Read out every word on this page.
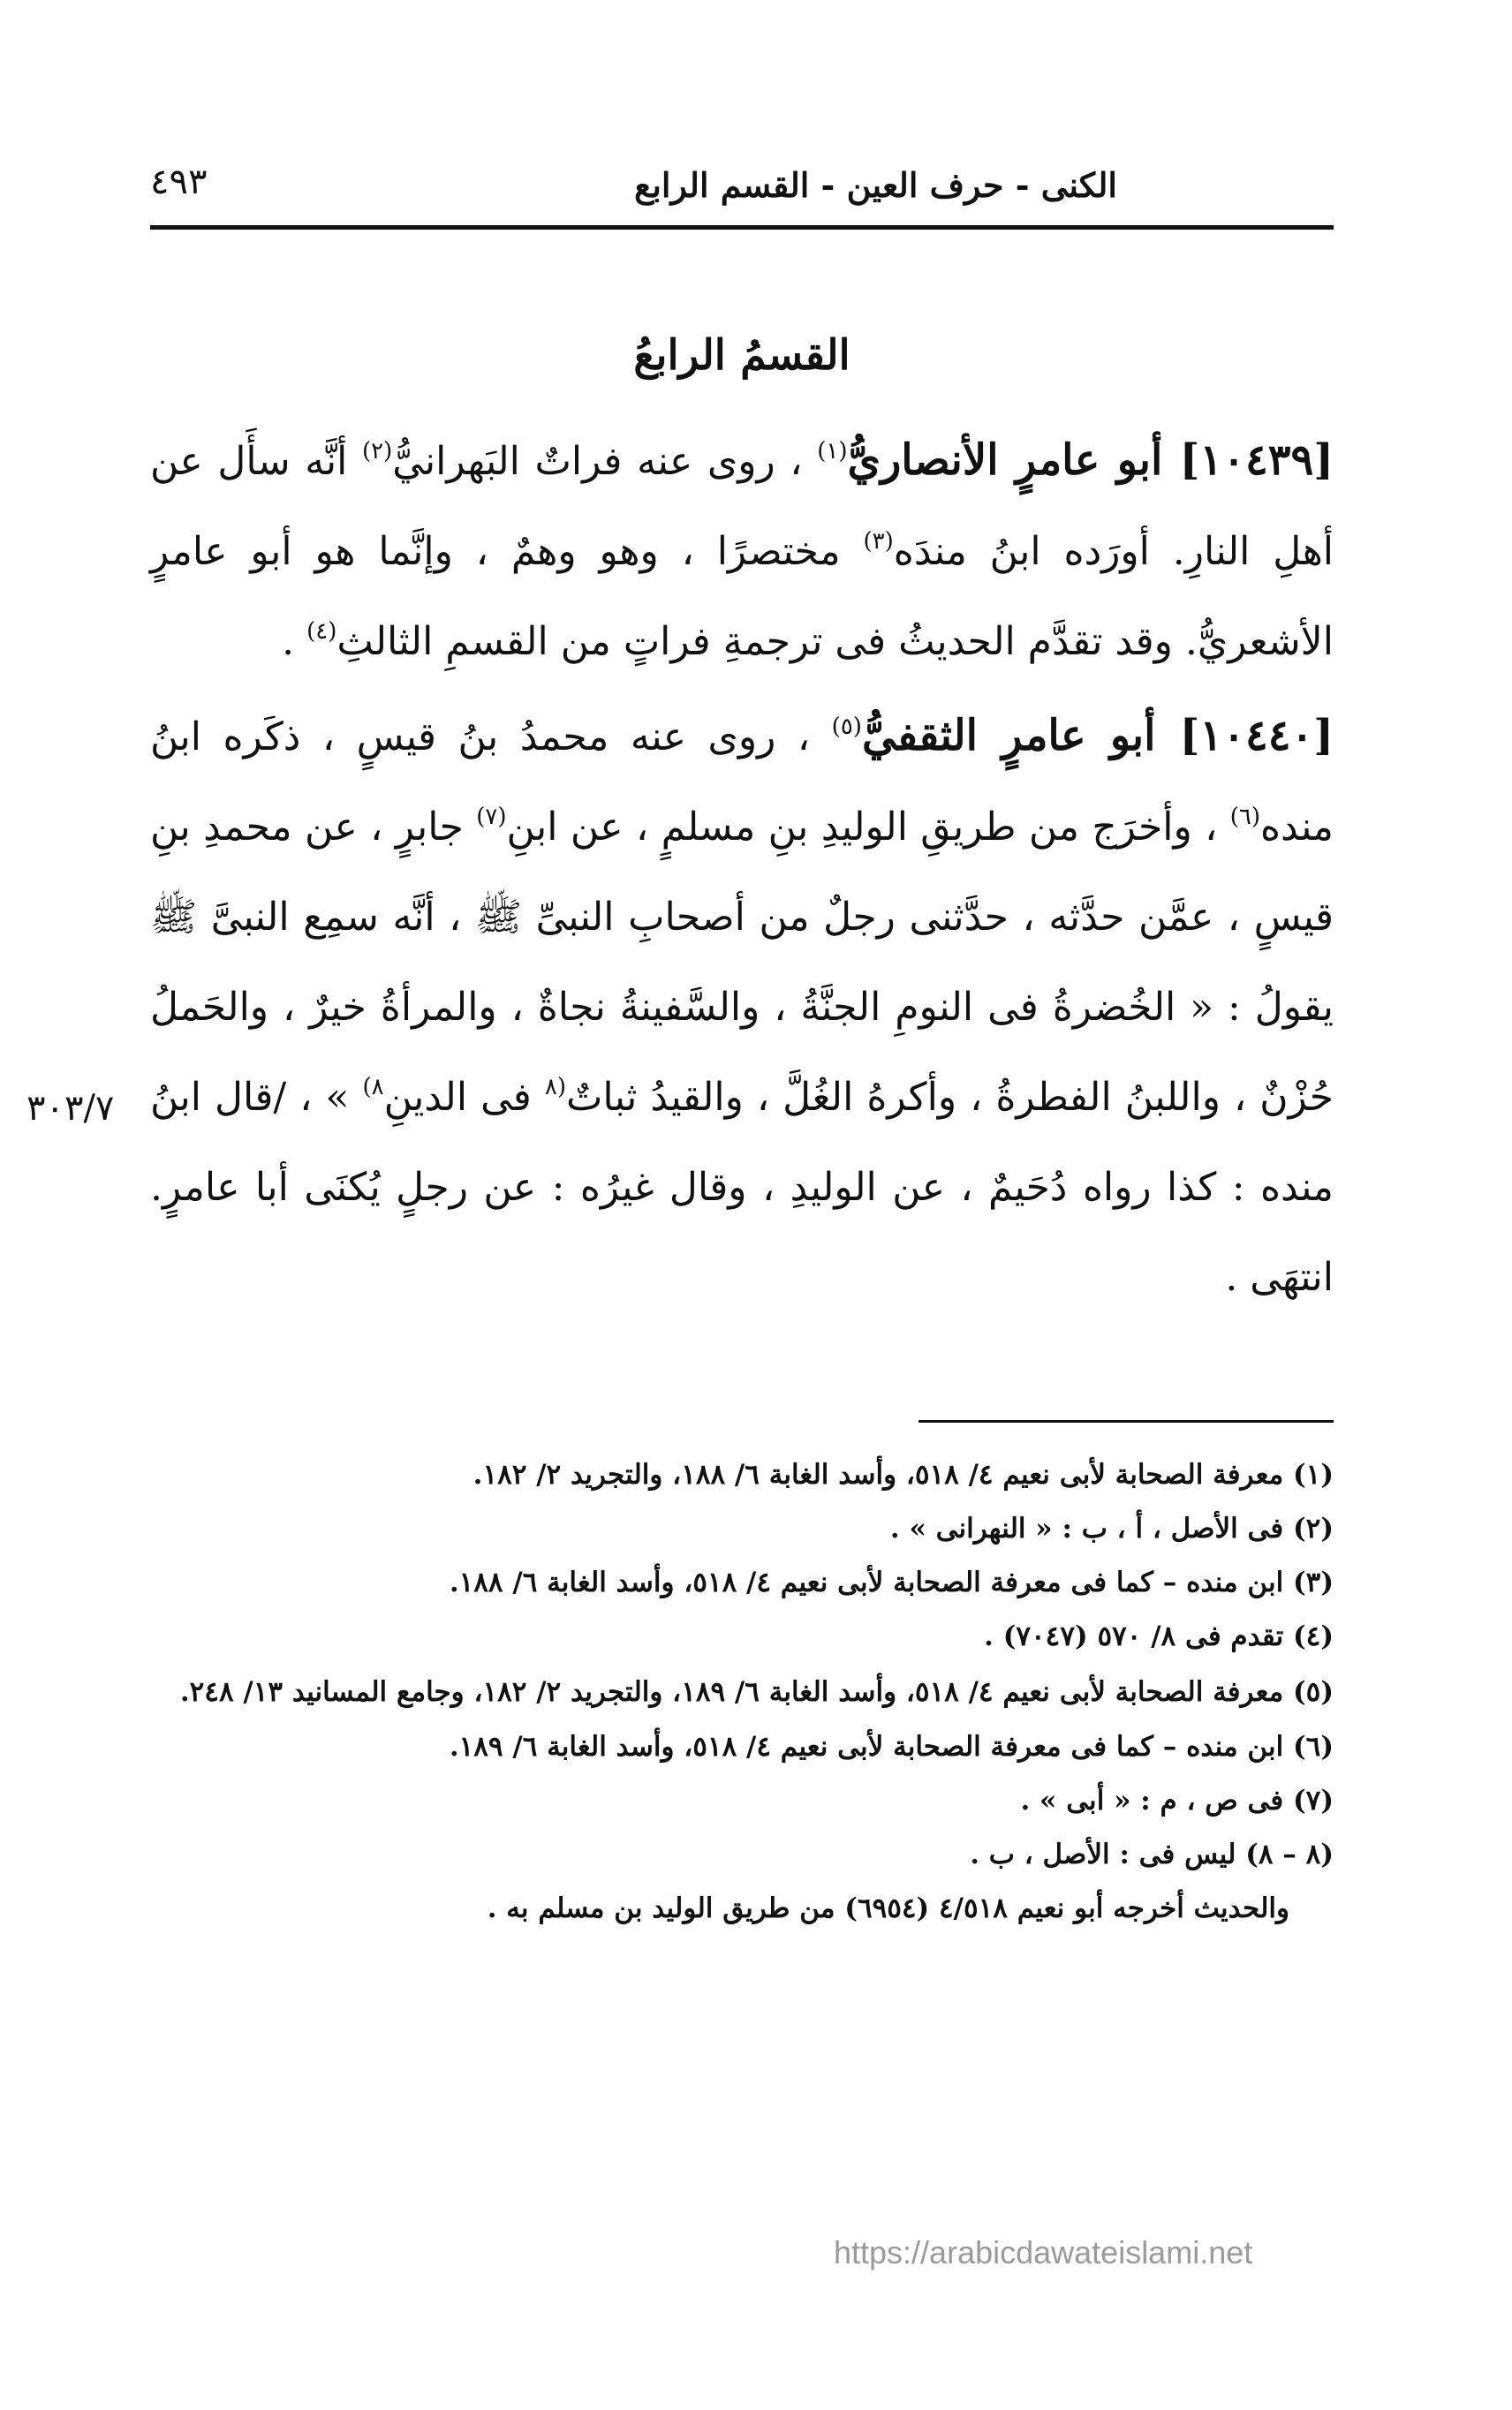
الكنى - حرف العين - القسم الرابع
٤٩٣
القسمُ الرابعُ

[١٠٤٣٩] أبو عامرٍ الأنصاريُّ$^{(١)}$ ، روى عنه فراتٌ البَهرانيُّ$^{(٢)}$ أنَّه سأَل عن أهلِ النارِ. أورَده ابنُ مندَه$^{(٣)}$ مختصرًا ، وهو وهمٌ ، وإنَّما هو أبو عامرٍ الأشعريُّ. وقد تقدَّم الحديثُ فى ترجمةِ فراتٍ من القسمِ الثالثِ$^{(٤)}$ .

[١٠٤٤٠] أبو عامرٍ الثقفيُّ$^{(٥)}$ ، روى عنه محمدُ بنُ قيسٍ ، ذكَره ابنُ منده$^{(٦)}$ ، وأخرَج من طريقِ الوليدِ بنِ مسلمٍ ، عن ابنِ$^{(٧)}$ جابرٍ ، عن محمدِ بنِ قيسٍ ، عمَّن حدَّثه ، حدَّثنى رجلٌ من أصحابِ النبىِّ ﷺ ، أنَّه سمِع النبىَّ ﷺ يقولُ : « الخُضرةُ فى النومِ الجنَّةُ ، والسَّفينةُ نجاةٌ ، والمرأةُ خيرٌ ، والحَملُ حُزْنٌ ، واللبنُ الفطرةُ ، وأكرهُ الغُلَّ ، والقيدُ ثباتٌ$^{(٨}$ فى الدينِ$^{٨)}$ » ، /قال ابنُ منده : كذا رواه دُحَيمٌ ، عن الوليدِ ، وقال غيرُه : عن رجلٍ يُكنَى أبا عامرٍ. انتهَى .

٣٠٣/٧

(١) معرفة الصحابة لأبى نعيم ٤/ ٥١٨، وأسد الغابة ٦/ ١٨٨، والتجريد ٢/ ١٨٢.

(٢) فى الأصل ، أ ، ب : « النهرانى » .

(٣) ابن منده – كما فى معرفة الصحابة لأبى نعيم ٤/ ٥١٨، وأسد الغابة ٦/ ١٨٨.

(٤) تقدم فى ٨/ ٥٧٠ (٧٠٤٧) .

(٥) معرفة الصحابة لأبى نعيم ٤/ ٥١٨، وأسد الغابة ٦/ ١٨٩، والتجريد ٢/ ١٨٢، وجامع المسانيد ١٣/ ٢٤٨.

(٦) ابن منده – كما فى معرفة الصحابة لأبى نعيم ٤/ ٥١٨، وأسد الغابة ٦/ ١٨٩.

(٧) فى ص ، م : « أبى » .

(٨ – ٨) ليس فى : الأصل ، ب .

والحديث أخرجه أبو نعيم ٤/٥١٨ (٦٩٥٤) من طريق الوليد بن مسلم به .

https://arabicdawateislami.net
